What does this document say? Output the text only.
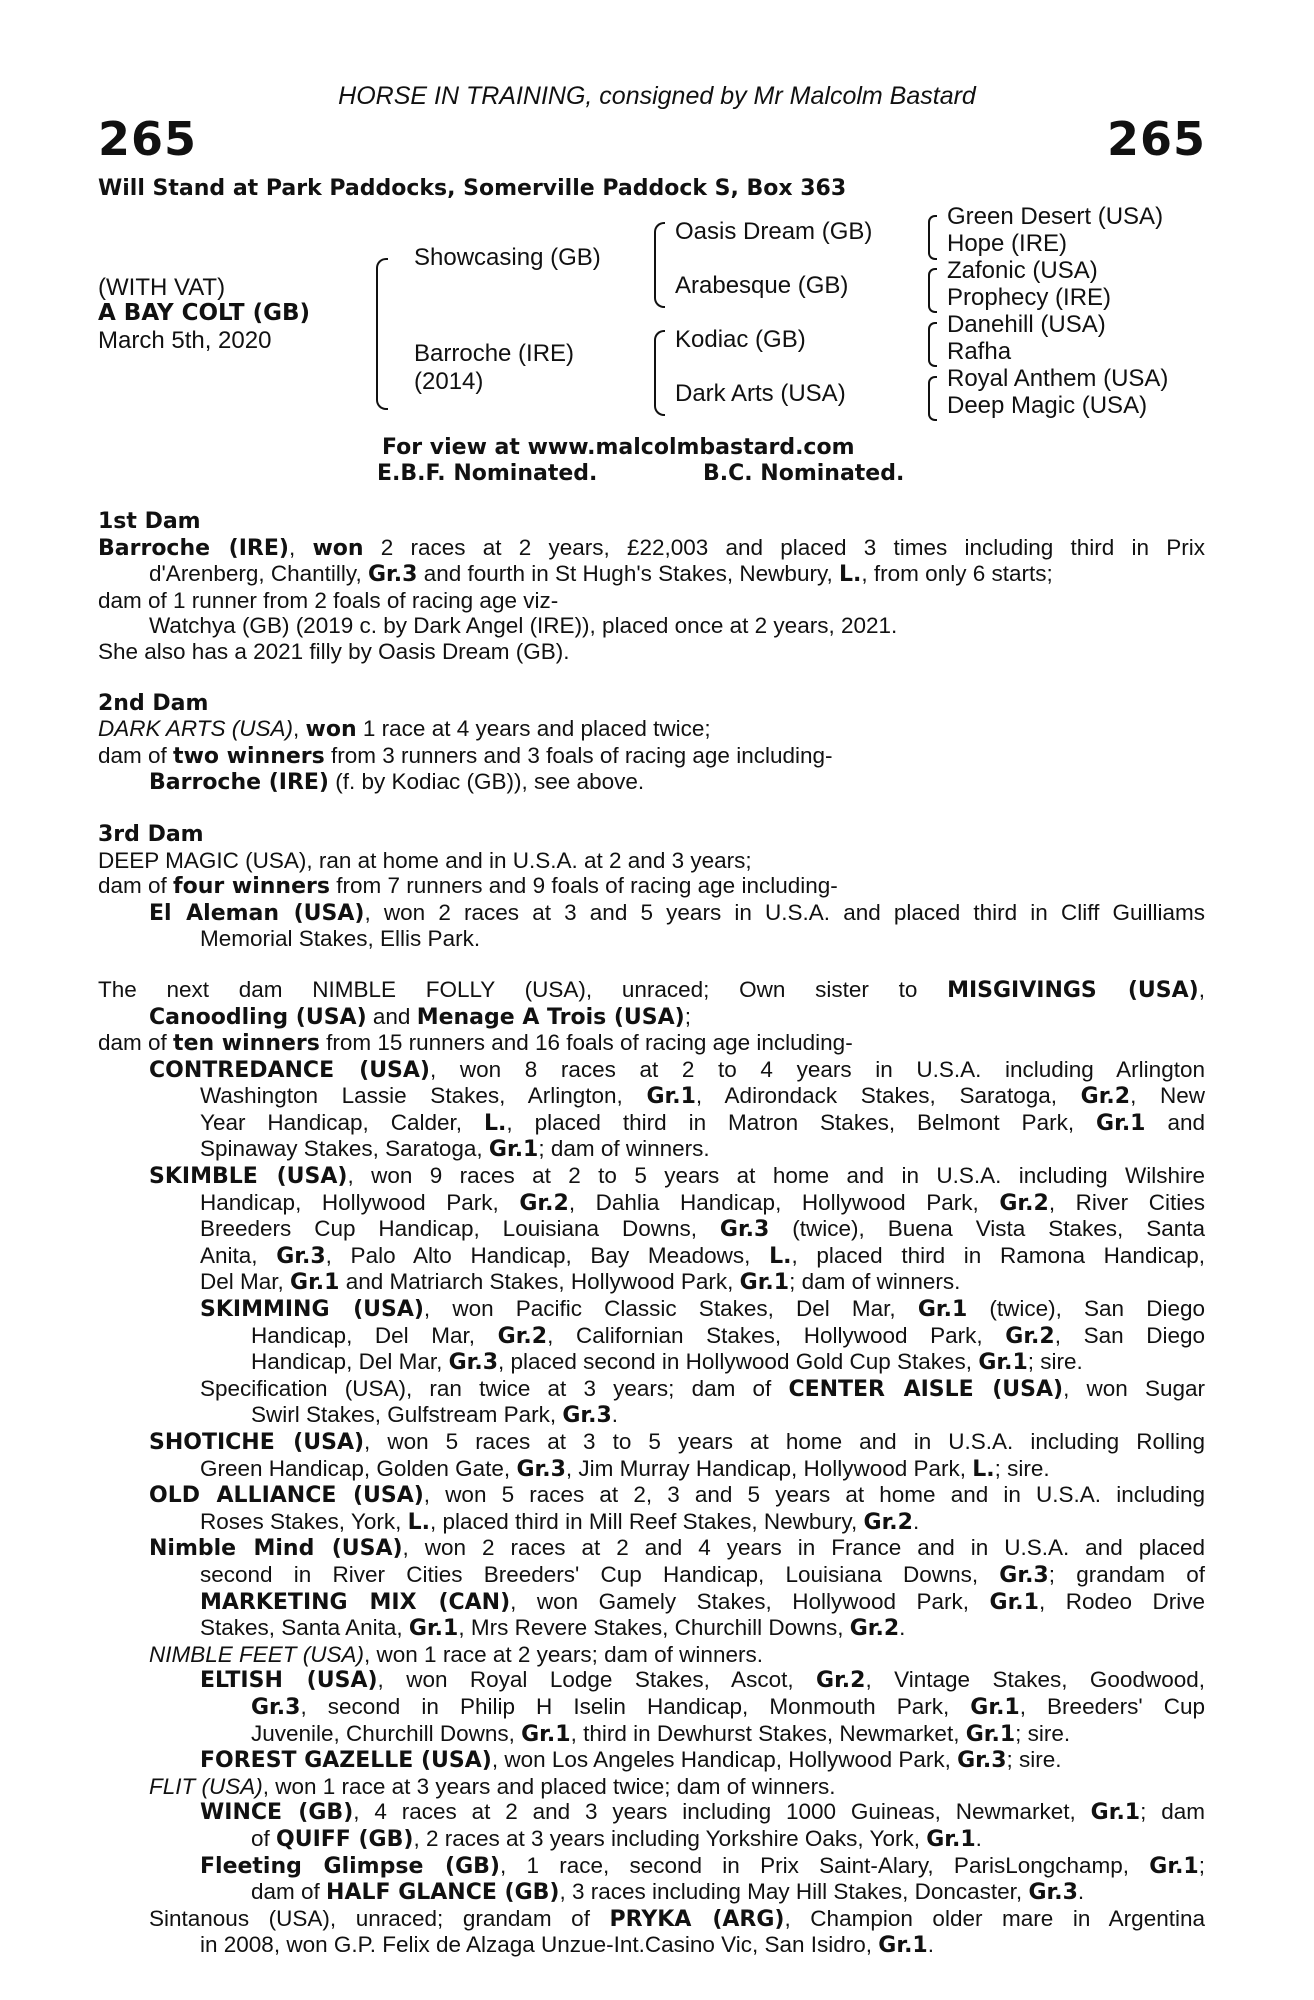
HORSE IN TRAINING, consigned by Mr Malcolm Bastard
265	265
Will Stand at Park Paddocks, Somerville Paddock S, Box 363
(WITH VAT)
A BAY COLT (GB)
March 5th, 2020
Showcasing (GB)
Barroche (IRE)
(2014)
Oasis Dream (GB)
Arabesque (GB)
Kodiac (GB)
Dark Arts (USA)
Green Desert (USA)
Hope (IRE)
Zafonic (USA)
Prophecy (IRE)
Danehill (USA)
Rafha
Royal Anthem (USA)
Deep Magic (USA)
For view at www.malcolmbastard.com
E.B.F. Nominated.	B.C. Nominated.
1st Dam
Barroche (IRE), won 2 races at 2 years, £22,003 and placed 3 times including third in Prix
d'Arenberg, Chantilly, Gr.3 and fourth in St Hugh's Stakes, Newbury, L., from only 6 starts;
dam of 1 runner from 2 foals of racing age viz-
Watchya (GB) (2019 c. by Dark Angel (IRE)), placed once at 2 years, 2021.
She also has a 2021 filly by Oasis Dream (GB).
2nd Dam
DARK ARTS (USA), won 1 race at 4 years and placed twice;
dam of two winners from 3 runners and 3 foals of racing age including-
Barroche (IRE) (f. by Kodiac (GB)), see above.
3rd Dam
DEEP MAGIC (USA), ran at home and in U.S.A. at 2 and 3 years;
dam of four winners from 7 runners and 9 foals of racing age including-
El Aleman (USA), won 2 races at 3 and 5 years in U.S.A. and placed third in Cliff Guilliams
Memorial Stakes, Ellis Park.
The next dam NIMBLE FOLLY (USA), unraced; Own sister to MISGIVINGS (USA),
Canoodling (USA) and Menage A Trois (USA);
dam of ten winners from 15 runners and 16 foals of racing age including-
CONTREDANCE (USA), won 8 races at 2 to 4 years in U.S.A. including Arlington
Washington Lassie Stakes, Arlington, Gr.1, Adirondack Stakes, Saratoga, Gr.2, New
Year Handicap, Calder, L., placed third in Matron Stakes, Belmont Park, Gr.1 and
Spinaway Stakes, Saratoga, Gr.1; dam of winners.
SKIMBLE (USA), won 9 races at 2 to 5 years at home and in U.S.A. including Wilshire
Handicap, Hollywood Park, Gr.2, Dahlia Handicap, Hollywood Park, Gr.2, River Cities
Breeders Cup Handicap, Louisiana Downs, Gr.3 (twice), Buena Vista Stakes, Santa
Anita, Gr.3, Palo Alto Handicap, Bay Meadows, L., placed third in Ramona Handicap,
Del Mar, Gr.1 and Matriarch Stakes, Hollywood Park, Gr.1; dam of winners.
SKIMMING (USA), won Pacific Classic Stakes, Del Mar, Gr.1 (twice), San Diego
Handicap, Del Mar, Gr.2, Californian Stakes, Hollywood Park, Gr.2, San Diego
Handicap, Del Mar, Gr.3, placed second in Hollywood Gold Cup Stakes, Gr.1; sire.
Specification (USA), ran twice at 3 years; dam of CENTER AISLE (USA), won Sugar
Swirl Stakes, Gulfstream Park, Gr.3.
SHOTICHE (USA), won 5 races at 3 to 5 years at home and in U.S.A. including Rolling
Green Handicap, Golden Gate, Gr.3, Jim Murray Handicap, Hollywood Park, L.; sire.
OLD ALLIANCE (USA), won 5 races at 2, 3 and 5 years at home and in U.S.A. including
Roses Stakes, York, L., placed third in Mill Reef Stakes, Newbury, Gr.2.
Nimble Mind (USA), won 2 races at 2 and 4 years in France and in U.S.A. and placed
second in River Cities Breeders' Cup Handicap, Louisiana Downs, Gr.3; grandam of
MARKETING MIX (CAN), won Gamely Stakes, Hollywood Park, Gr.1, Rodeo Drive
Stakes, Santa Anita, Gr.1, Mrs Revere Stakes, Churchill Downs, Gr.2.
NIMBLE FEET (USA), won 1 race at 2 years; dam of winners.
ELTISH (USA), won Royal Lodge Stakes, Ascot, Gr.2, Vintage Stakes, Goodwood,
Gr.3, second in Philip H Iselin Handicap, Monmouth Park, Gr.1, Breeders' Cup
Juvenile, Churchill Downs, Gr.1, third in Dewhurst Stakes, Newmarket, Gr.1; sire.
FOREST GAZELLE (USA), won Los Angeles Handicap, Hollywood Park, Gr.3; sire.
FLIT (USA), won 1 race at 3 years and placed twice; dam of winners.
WINCE (GB), 4 races at 2 and 3 years including 1000 Guineas, Newmarket, Gr.1; dam
of QUIFF (GB), 2 races at 3 years including Yorkshire Oaks, York, Gr.1.
Fleeting Glimpse (GB), 1 race, second in Prix Saint-Alary, ParisLongchamp, Gr.1;
dam of HALF GLANCE (GB), 3 races including May Hill Stakes, Doncaster, Gr.3.
Sintanous (USA), unraced; grandam of PRYKA (ARG), Champion older mare in Argentina
in 2008, won G.P. Felix de Alzaga Unzue-Int.Casino Vic, San Isidro, Gr.1.
